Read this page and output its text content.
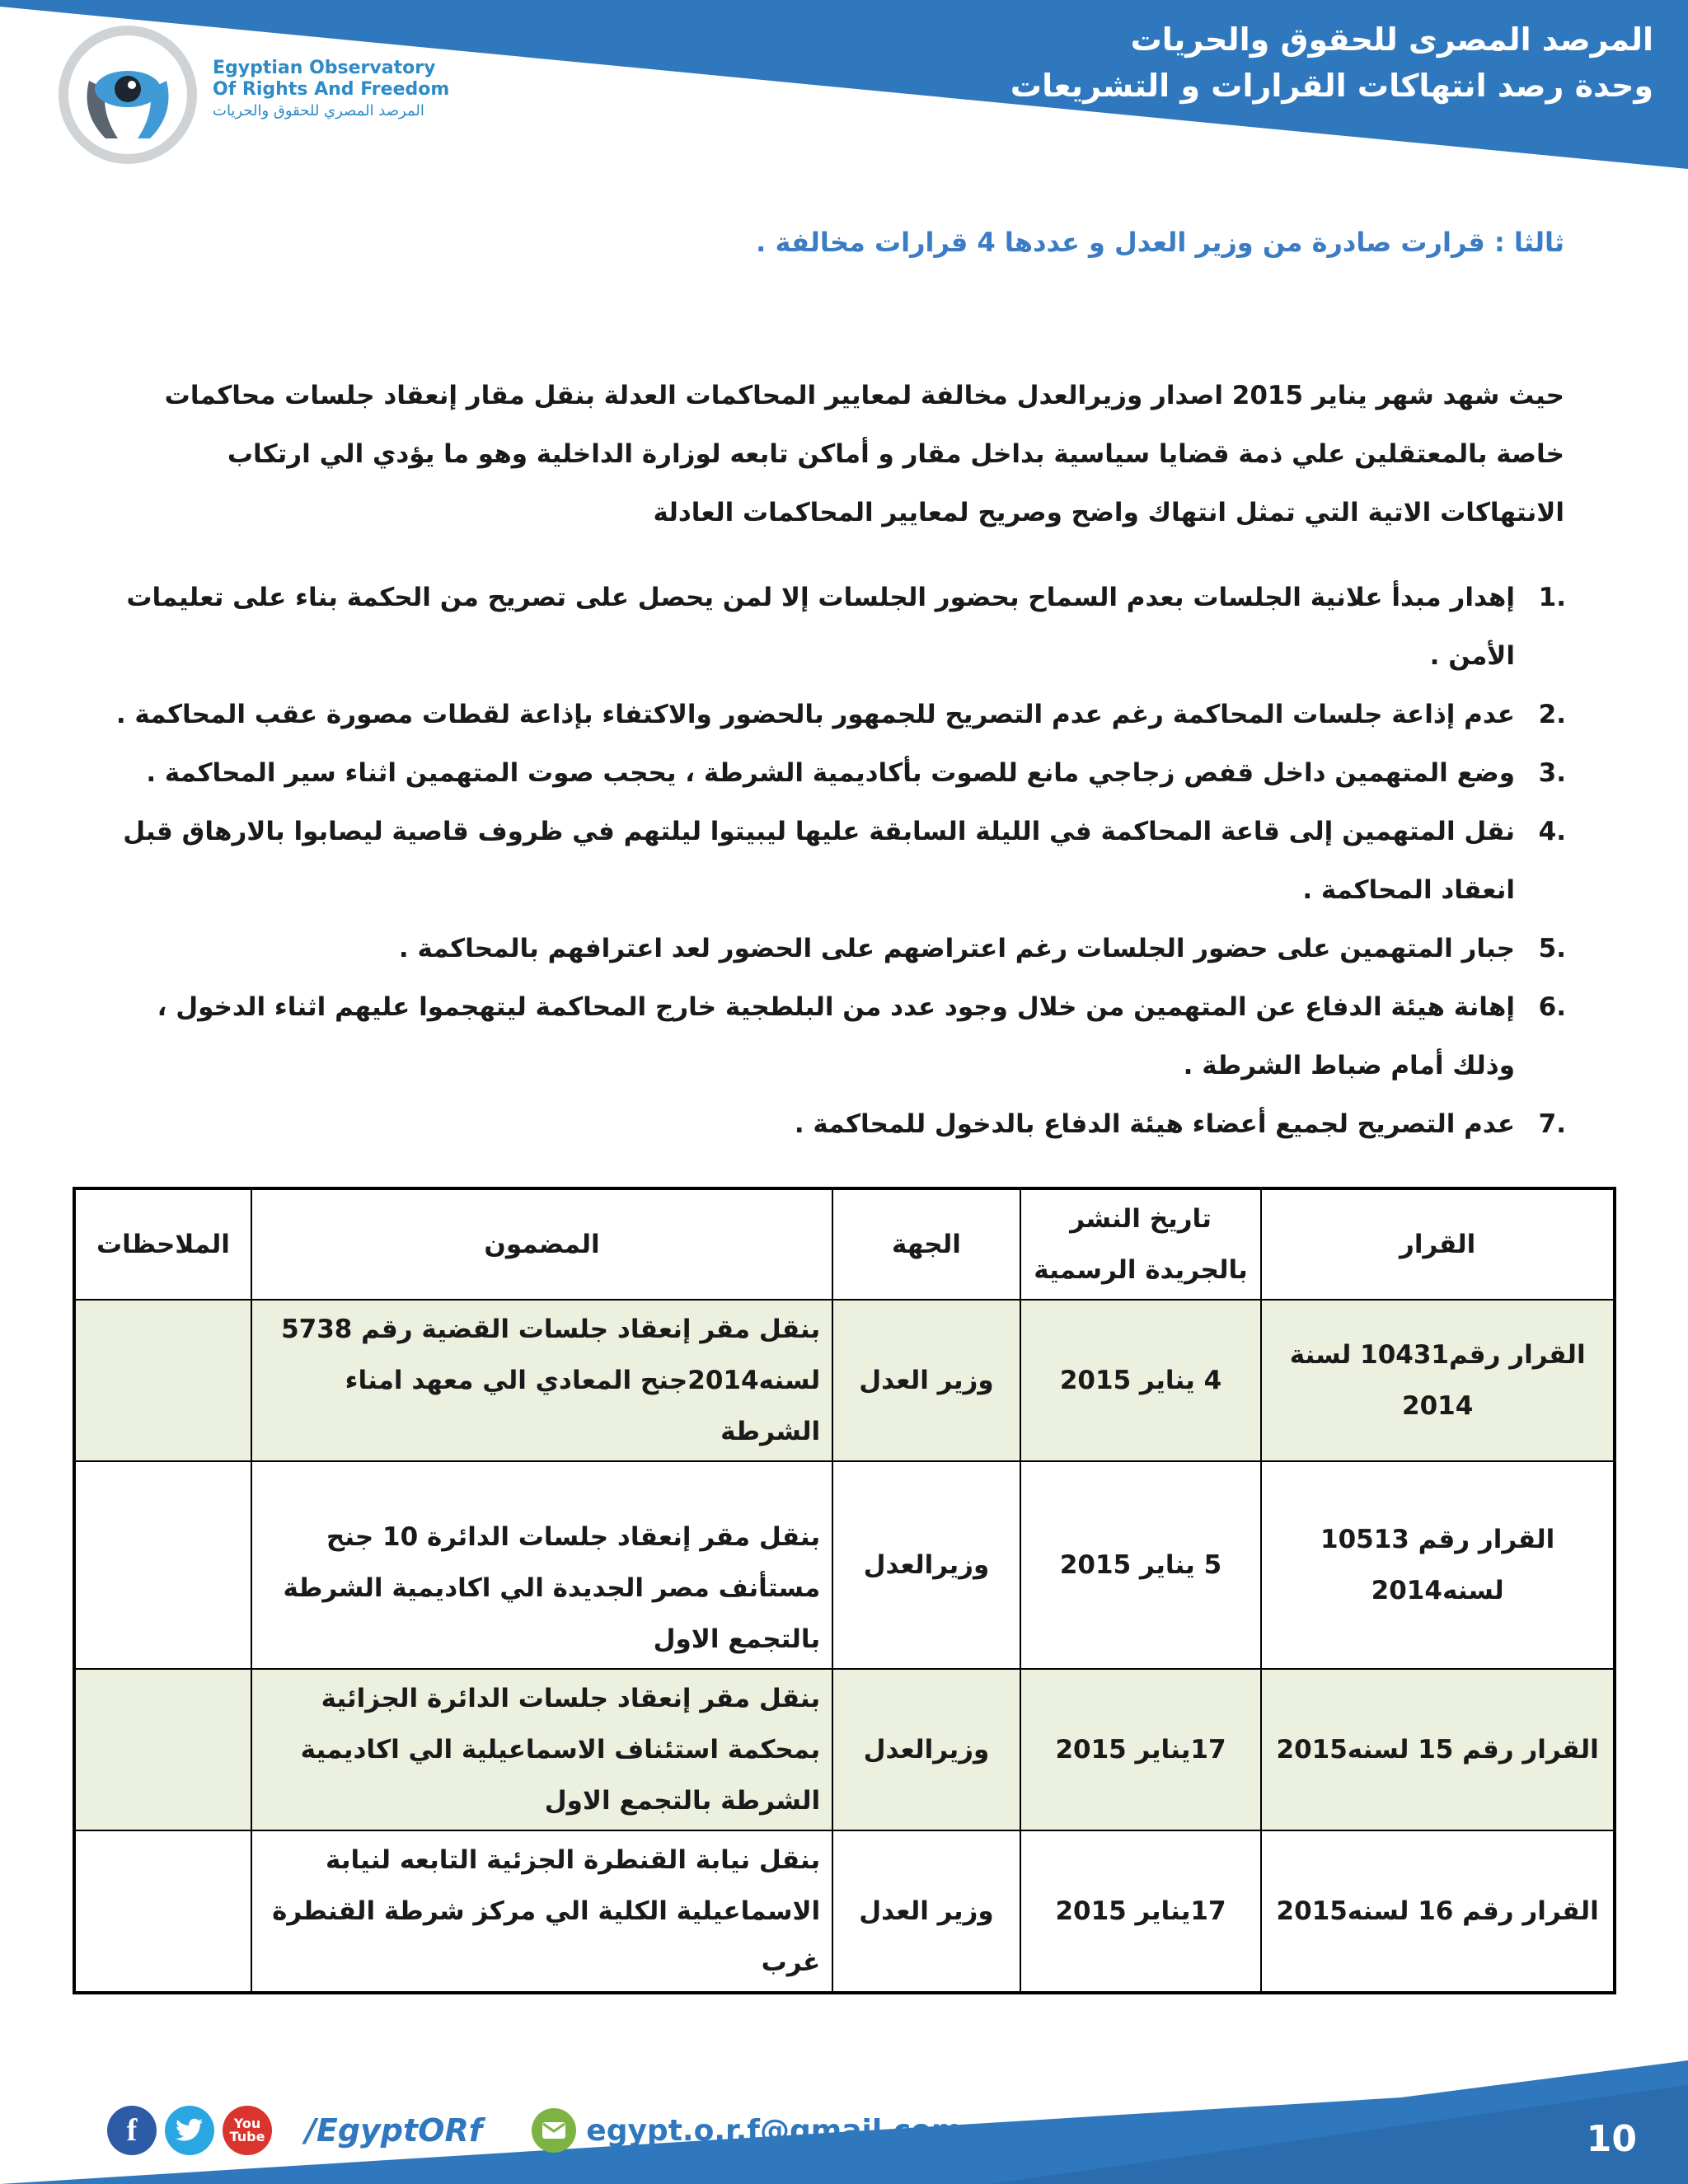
المرصد المصرى للحقوق والحريات
وحدة رصد انتهاكات القرارات و التشريعات
Egyptian Observatory
Of Rights And Freedom
المرصد المصري للحقوق والحريات
ثالثا : قرارت صادرة من وزير العدل و عددها 4 قرارات مخالفة .
حيث شهد شهر يناير 2015 اصدار وزيرالعدل مخالفة لمعايير المحاكمات العدلة بنقل مقار إنعقاد جلسات محاكمات خاصة بالمعتقلين علي ذمة قضايا سياسية بداخل مقار و أماكن تابعه لوزارة الداخلية وهو ما يؤدي الي ارتكاب الانتهاكات الاتية التي تمثل انتهاك واضح وصريح لمعايير المحاكمات العادلة
1.
إهدار مبدأ علانية الجلسات بعدم السماح بحضور الجلسات إلا لمن يحصل على تصريح من الحكمة بناء على تعليمات الأمن .
2.
عدم إذاعة جلسات المحاكمة رغم عدم التصريح للجمهور بالحضور والاكتفاء بإذاعة لقطات مصورة عقب المحاكمة .
3.
وضع المتهمين داخل قفص زجاجي مانع للصوت بأكاديمية الشرطة ، يحجب صوت المتهمين اثناء سير المحاكمة .
4.
نقل المتهمين إلى قاعة المحاكمة في الليلة السابقة عليها ليبيتوا ليلتهم في ظروف قاصية ليصابوا بالارهاق قبل انعقاد المحاكمة .
5.
جبار المتهمين على حضور الجلسات رغم اعتراضهم على الحضور لعد اعترافهم بالمحاكمة .
6.
إهانة هيئة الدفاع عن المتهمين من خلال وجود عدد من البلطجية خارج المحاكمة ليتهجموا عليهم اثناء الدخول ، وذلك أمام ضباط الشرطة .
7.
عدم التصريح لجميع أعضاء هيئة الدفاع بالدخول للمحاكمة .
القرار	تاريخ النشر بالجريدة الرسمية	الجهة	المضمون	الملاحظات
القرار رقم10431 لسنة 2014	4 يناير 2015	وزير العدل	بنقل مقر إنعقاد جلسات القضية رقم 5738 لسنه2014جنح المعادي الي معهد امناء الشرطة	
القرار رقم 10513 لسنه2014	5 يناير 2015	وزيرالعدل	بنقل مقر إنعقاد جلسات الدائرة 10 جنح مستأنف مصر الجديدة الي اكاديمية الشرطة بالتجمع الاول	
القرار رقم 15 لسنه2015	17يناير 2015	وزيرالعدل	بنقل مقر إنعقاد جلسات الدائرة الجزائية بمحكمة استئناف الاسماعيلية الي اكاديمية الشرطة بالتجمع الاول	
القرار رقم 16 لسنه2015	17يناير 2015	وزير العدل	بنقل نيابة القنطرة الجزئية التابعه لنيابة الاسماعيلية الكلية الي مركز شرطة القنطرة غرب	
f	You
Tube /EgyptORf	egypt.o.r.f@gmail.com	10
